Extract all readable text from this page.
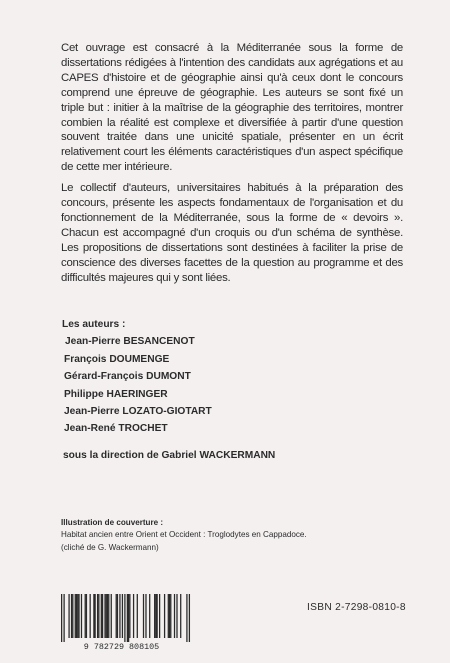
Cet ouvrage est consacré à la Méditerranée sous la forme de dissertations rédigées à l'intention des candidats aux agrégations et au CAPES d'histoire et de géographie ainsi qu'à ceux dont le concours comprend une épreuve de géographie. Les auteurs se sont fixé un triple but : initier à la maîtrise de la géographie des territoires, montrer combien la réalité est complexe et diversifiée à partir d'une question souvent traitée dans une unicité spatiale, présenter en un écrit relativement court les éléments caractéristiques d'un aspect spécifique de cette mer intérieure.

Le collectif d'auteurs, universitaires habitués à la préparation des concours, présente les aspects fondamentaux de l'organisation et du fonctionnement de la Méditerranée, sous la forme de « devoirs ». Chacun est accompagné d'un croquis ou d'un schéma de synthèse. Les propositions de dissertations sont destinées à faciliter la prise de conscience des diverses facettes de la question au programme et des difficultés majeures qui y sont liées.

Les auteurs :
Jean-Pierre BESANCENOT
François DOUMENGE
Gérard-François DUMONT
Philippe HAERINGER
Jean-Pierre LOZATO-GIOTART
Jean-René TROCHET
sous la direction de Gabriel WACKERMANN
Illustration de couverture :
Habitat ancien entre Orient et Occident : Troglodytes en Cappadoce.
(cliché de G. Wackermann)
9 782729 808105
ISBN 2-7298-0810-8
